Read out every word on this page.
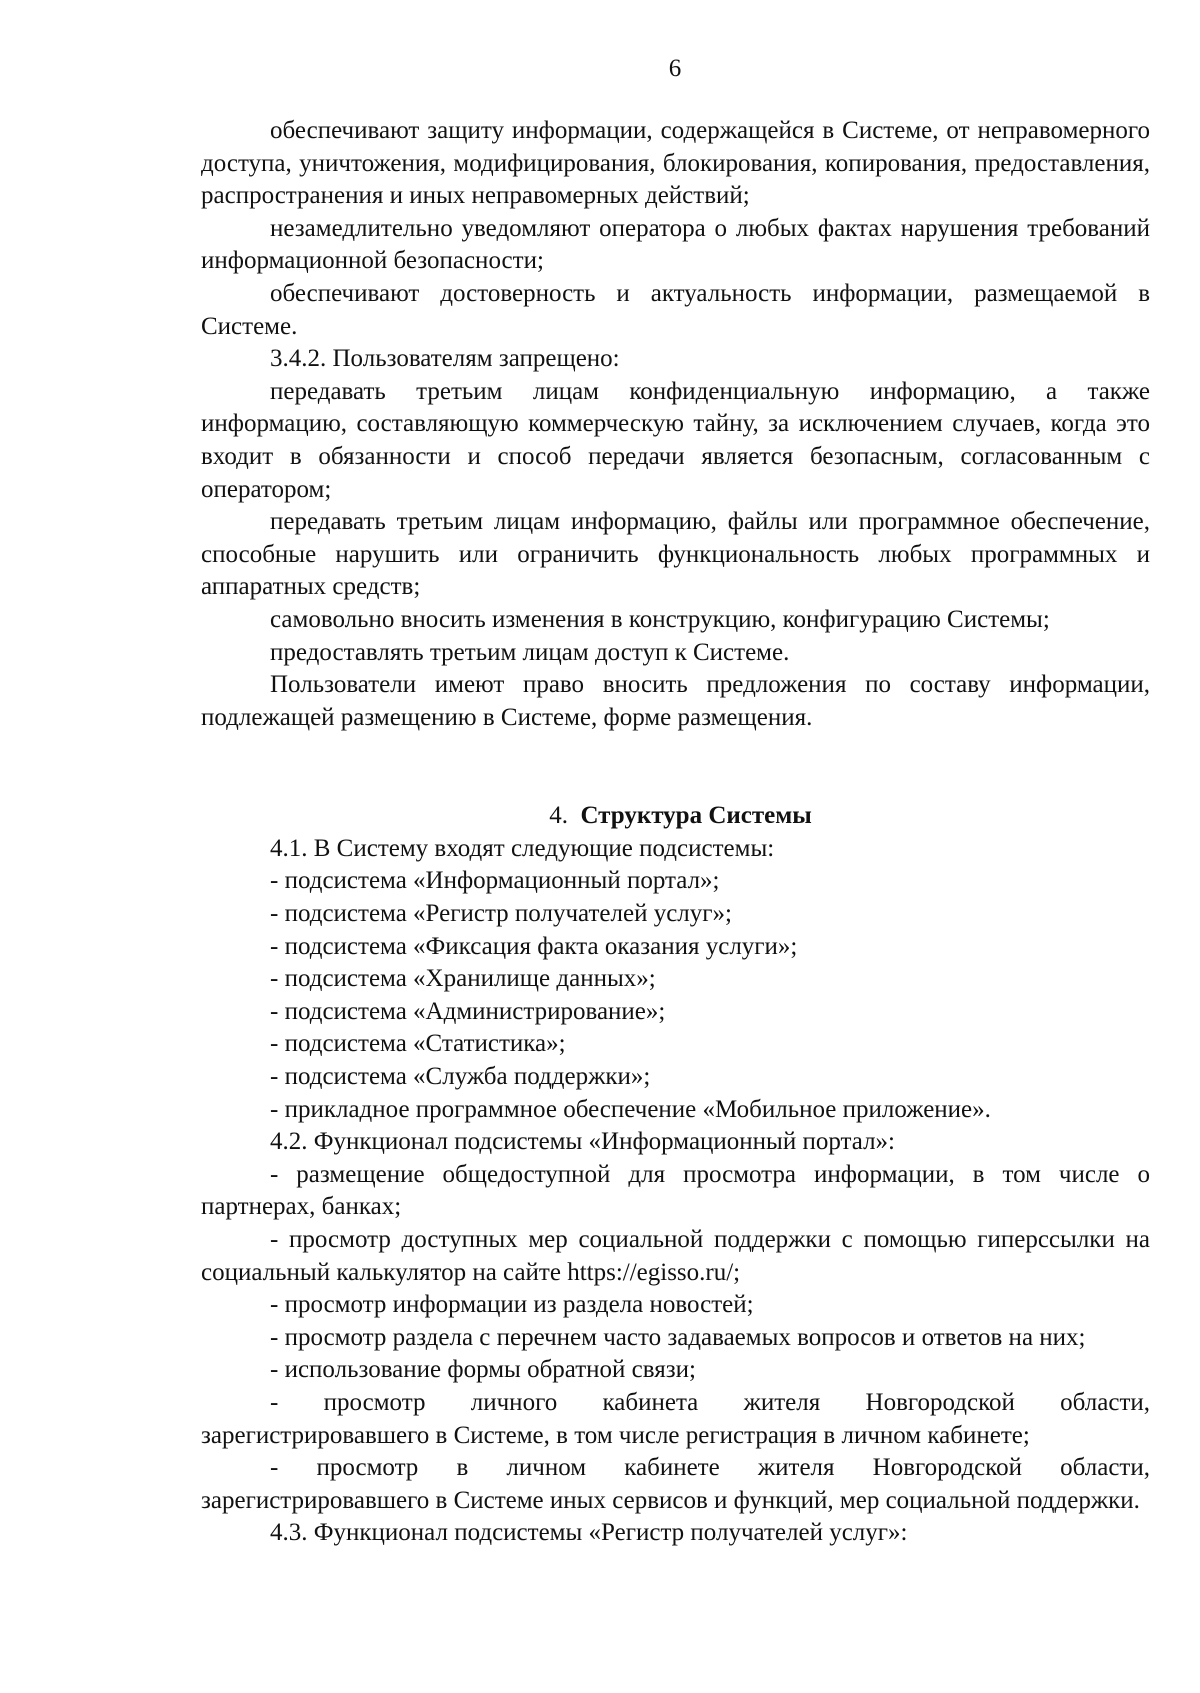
6

обеспечивают защиту информации, содержащейся в Системе, от неправомерного доступа, уничтожения, модифицирования, блокирования, копирования, предоставления, распространения и иных неправомерных действий;

незамедлительно уведомляют оператора о любых фактах нарушения требований информационной безопасности;

обеспечивают достоверность и актуальность информации, размещаемой в Системе.

3.4.2. Пользователям запрещено:

передавать третьим лицам конфиденциальную информацию, а также информацию, составляющую коммерческую тайну, за исключением случаев, когда это входит в обязанности и способ передачи является безопасным, согласованным с оператором;

передавать третьим лицам информацию, файлы или программное обеспечение, способные нарушить или ограничить функциональность любых программных и аппаратных средств;

самовольно вносить изменения в конструкцию, конфигурацию Системы;

предоставлять третьим лицам доступ к Системе.

Пользователи имеют право вносить предложения по составу информации, подлежащей размещению в Системе, форме размещения.

4. Структура Системы

4.1. В Систему входят следующие подсистемы:

- подсистема «Информационный портал»;

- подсистема «Регистр получателей услуг»;

- подсистема «Фиксация факта оказания услуги»;

- подсистема «Хранилище данных»;

- подсистема «Администрирование»;

- подсистема «Статистика»;

- подсистема «Служба поддержки»;

- прикладное программное обеспечение «Мобильное приложение».

4.2. Функционал подсистемы «Информационный портал»:

- размещение общедоступной для просмотра информации, в том числе о партнерах, банках;

- просмотр доступных мер социальной поддержки с помощью гиперссылки на социальный калькулятор на сайте https://egisso.ru/;

- просмотр информации из раздела новостей;

- просмотр раздела с перечнем часто задаваемых вопросов и ответов на них;

- использование формы обратной связи;

- просмотр личного кабинета жителя Новгородской области, зарегистрировавшего в Системе, в том числе регистрация в личном кабинете;

- просмотр в личном кабинете жителя Новгородской области, зарегистрировавшего в Системе иных сервисов и функций, мер социальной поддержки.

4.3. Функционал подсистемы «Регистр получателей услуг»:
